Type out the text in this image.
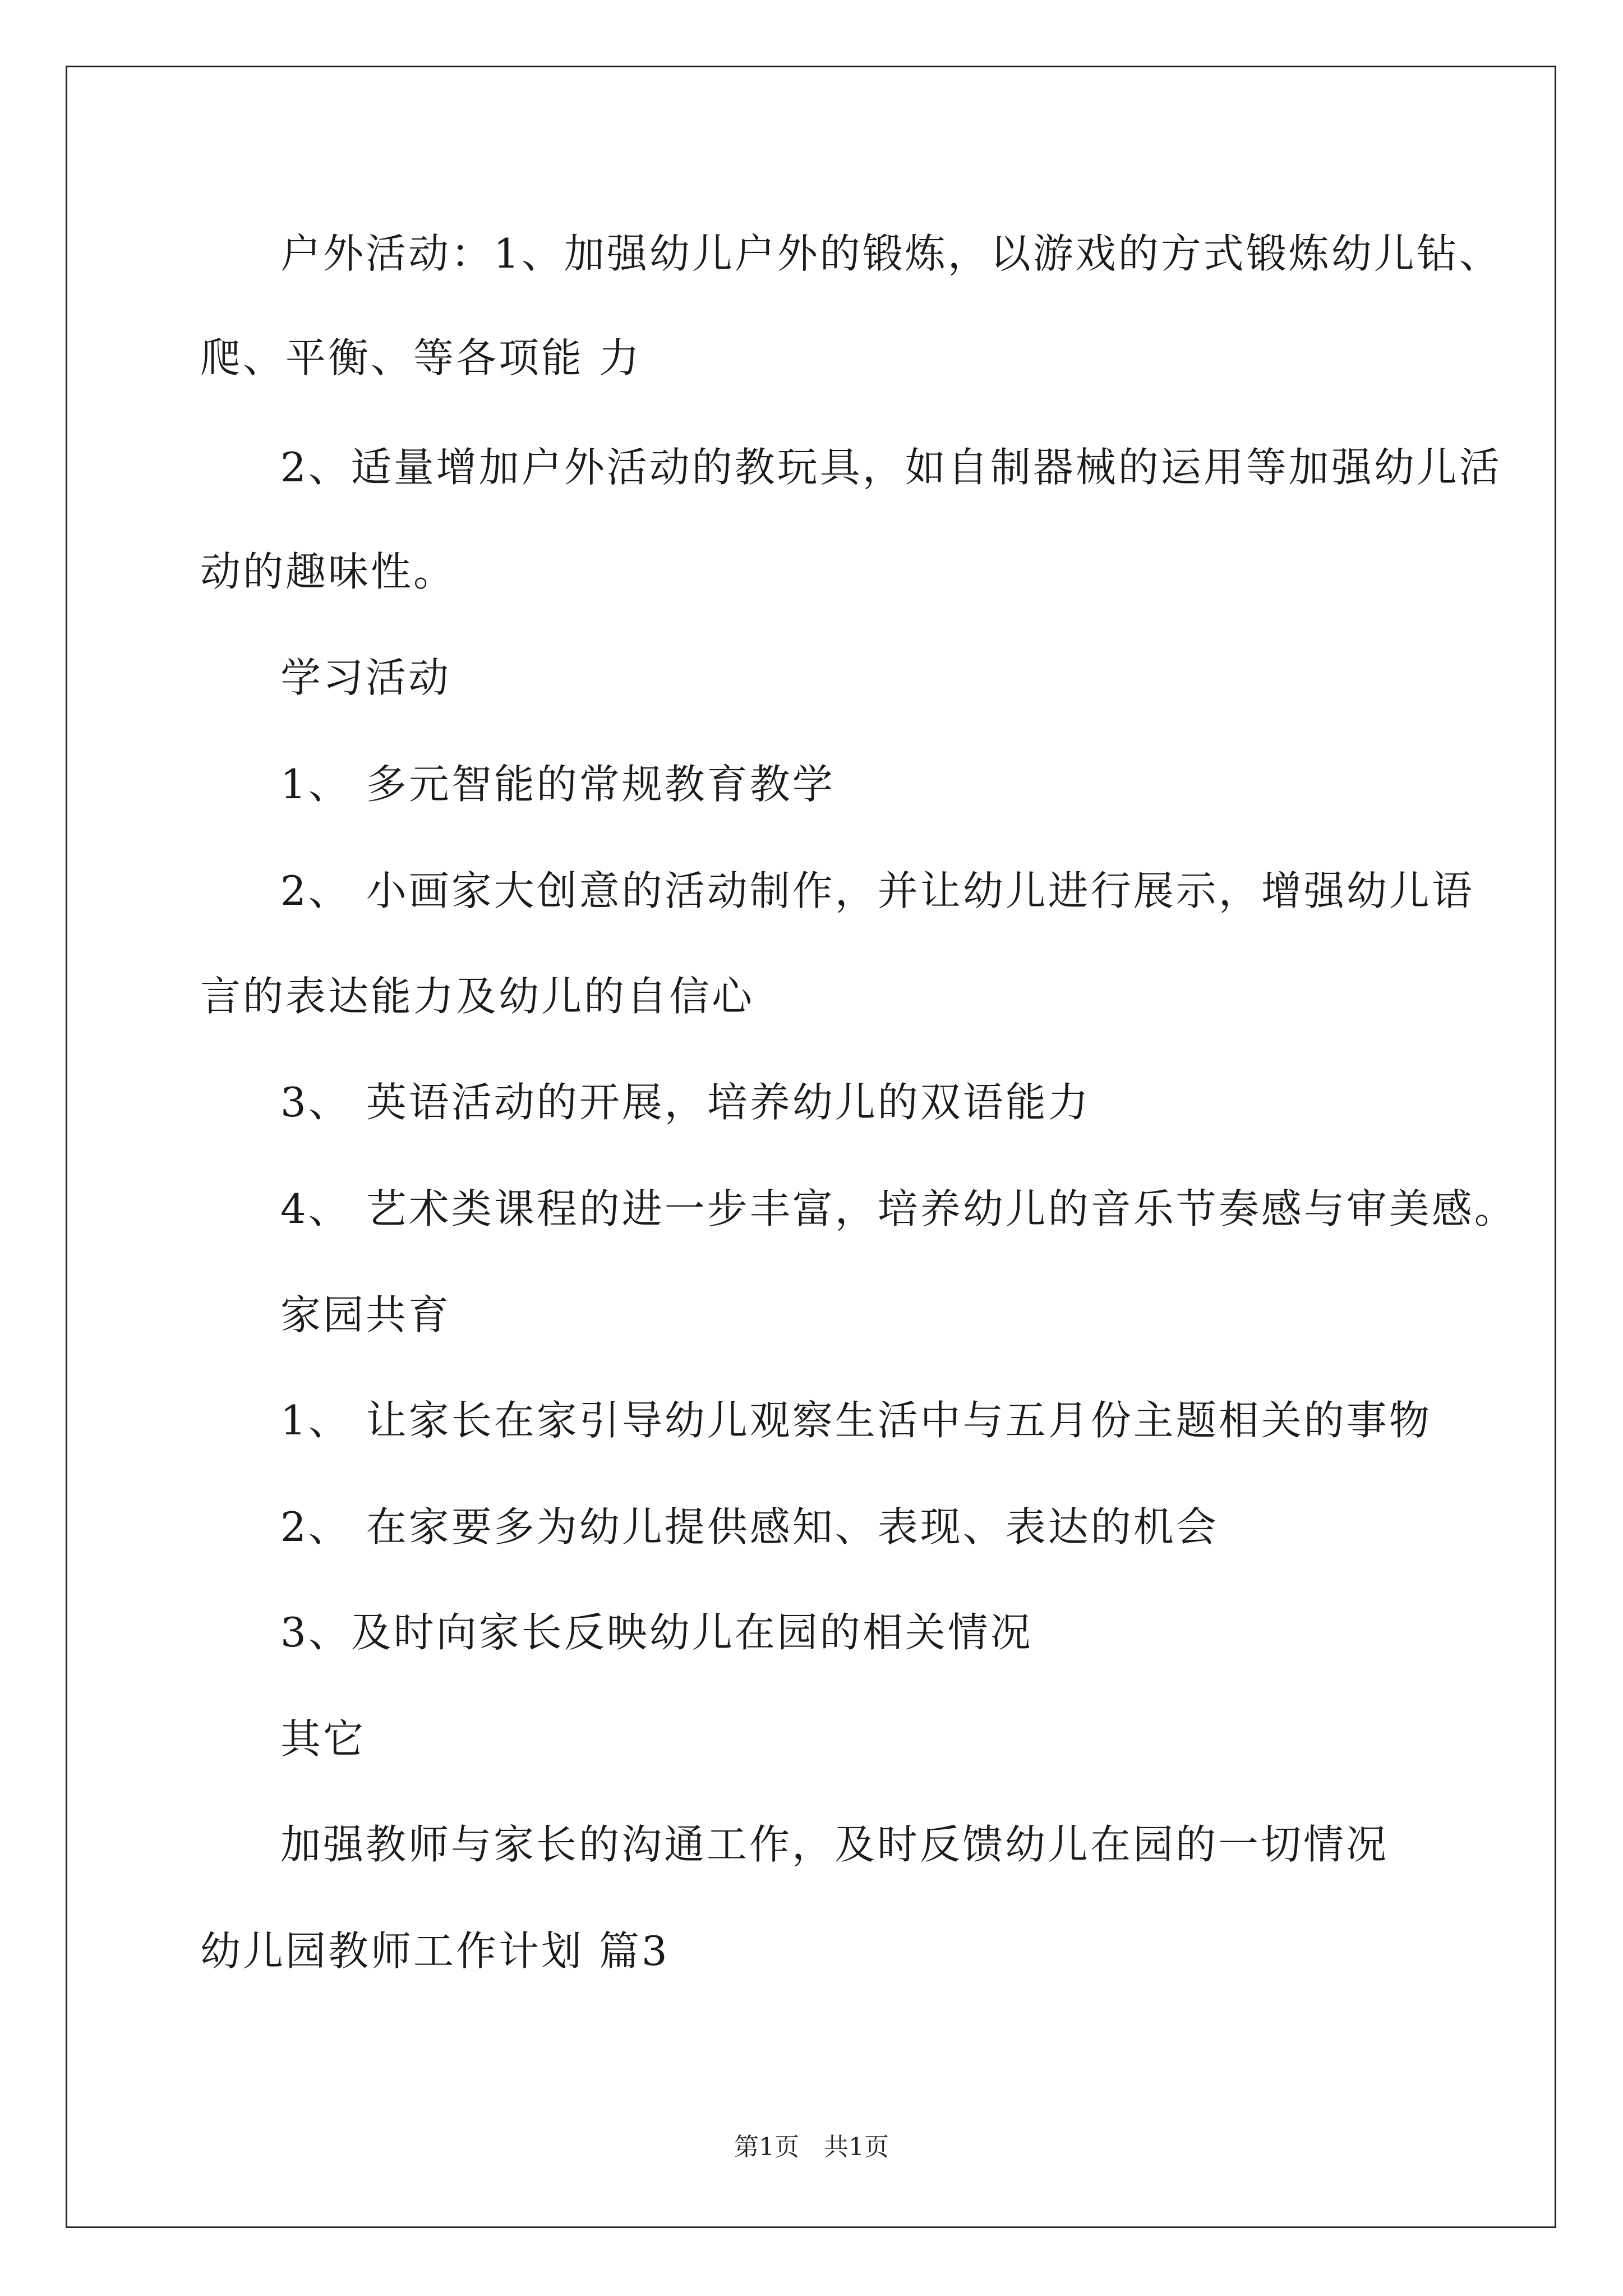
户外活动：1、加强幼儿户外的锻炼，以游戏的方式锻炼幼儿钻、
爬、平衡、等各项能 力
2、适量增加户外活动的教玩具，如自制器械的运用等加强幼儿活
动的趣味性。
学习活动
1、 多元智能的常规教育教学
2、 小画家大创意的活动制作，并让幼儿进行展示，增强幼儿语
言的表达能力及幼儿的自信心
3、 英语活动的开展，培养幼儿的双语能力
4、 艺术类课程的进一步丰富，培养幼儿的音乐节奏感与审美感。
家园共育
1、 让家长在家引导幼儿观察生活中与五月份主题相关的事物
2、 在家要多为幼儿提供感知、表现、表达的机会
3、及时向家长反映幼儿在园的相关情况
其它
加强教师与家长的沟通工作，及时反馈幼儿在园的一切情况
幼儿园教师工作计划 篇3
第1页　共1页
